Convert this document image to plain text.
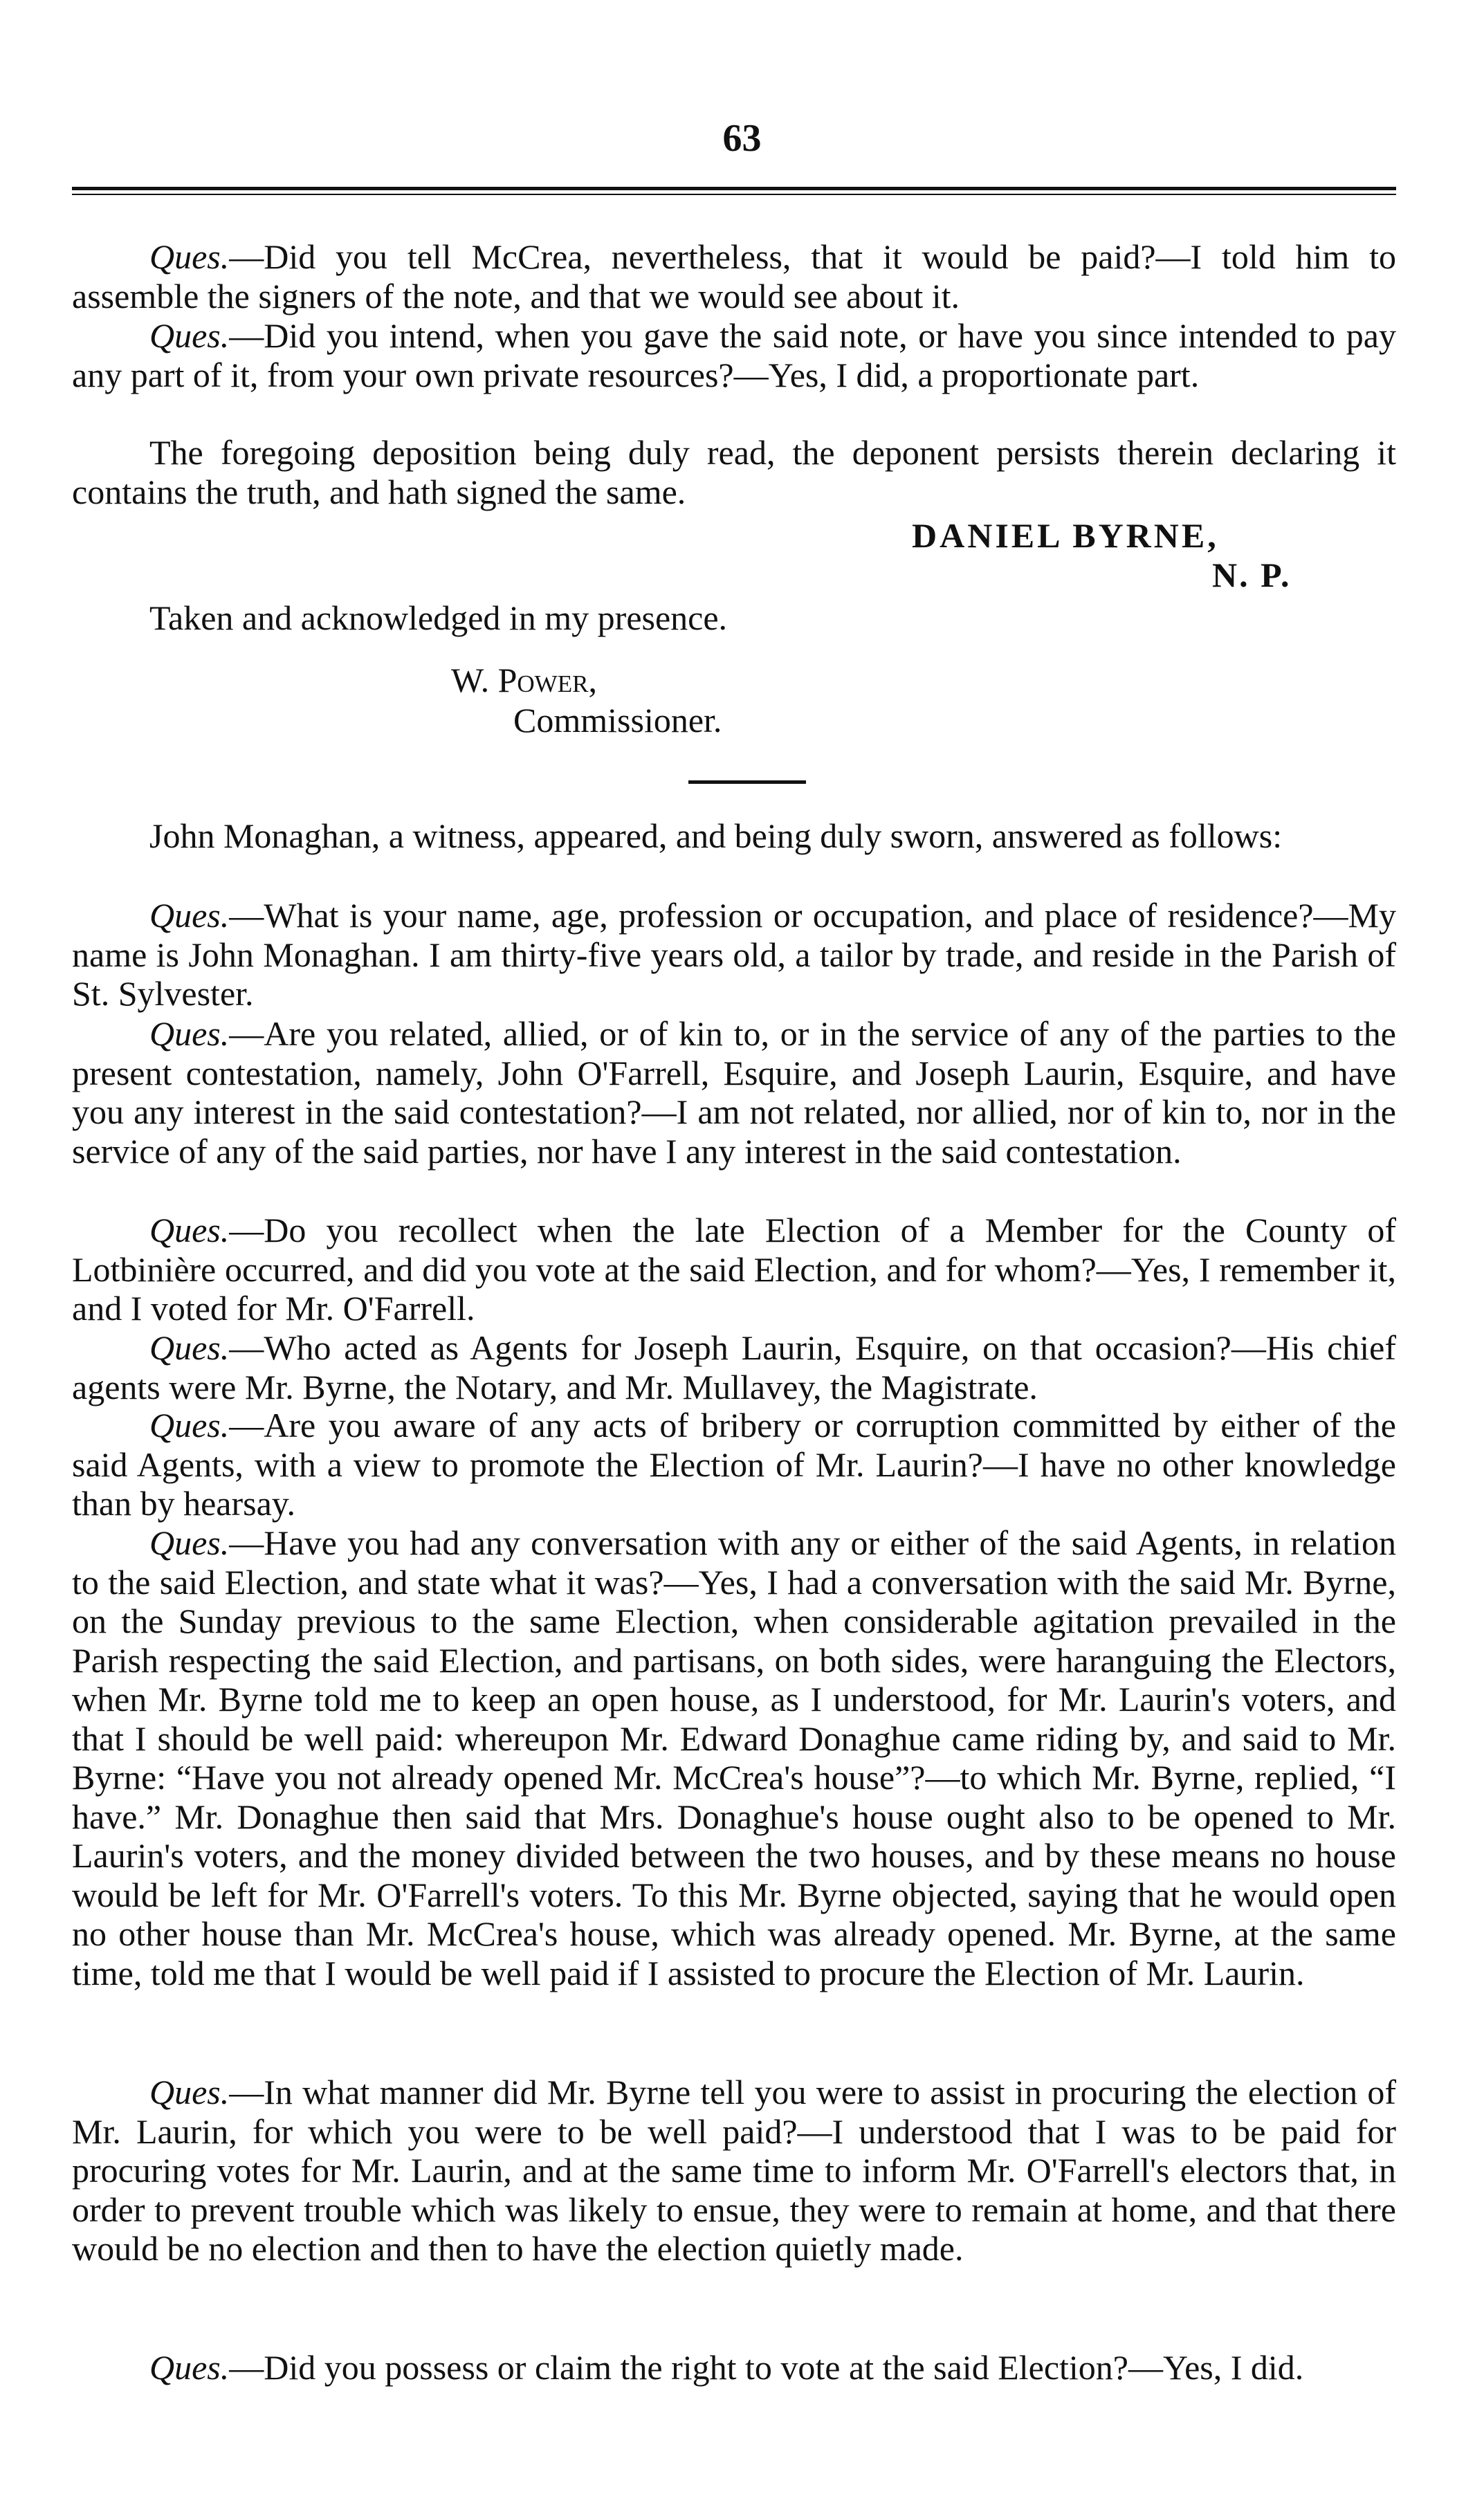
63

Ques.—Did you tell McCrea, nevertheless, that it would be paid?—I told him to assemble the signers of the note, and that we would see about it.

Ques.—Did you intend, when you gave the said note, or have you since intended to pay any part of it, from your own private resources?—Yes, I did, a proportionate part.

The foregoing deposition being duly read, the deponent persists therein declaring it contains the truth, and hath signed the same.

DANIEL BYRNE,
N. P.
Taken and acknowledged in my presence.
W. Power,
Commissioner.

John Monaghan, a witness, appeared, and being duly sworn, answered as follows:

Ques.—What is your name, age, profession or occupation, and place of residence?—My name is John Monaghan. I am thirty-five years old, a tailor by trade, and reside in the Parish of St. Sylvester.

Ques.—Are you related, allied, or of kin to, or in the service of any of the parties to the present contestation, namely, John O'Farrell, Esquire, and Joseph Laurin, Esquire, and have you any interest in the said contestation?—I am not related, nor allied, nor of kin to, nor in the service of any of the said parties, nor have I any interest in the said contestation.

Ques.—Do you recollect when the late Election of a Member for the County of Lotbinière occurred, and did you vote at the said Election, and for whom?—Yes, I remember it, and I voted for Mr. O'Farrell.

Ques.—Who acted as Agents for Joseph Laurin, Esquire, on that occasion?—His chief agents were Mr. Byrne, the Notary, and Mr. Mullavey, the Magistrate.

Ques.—Are you aware of any acts of bribery or corruption committed by either of the said Agents, with a view to promote the Election of Mr. Laurin?—I have no other knowledge than by hearsay.

Ques.—Have you had any conversation with any or either of the said Agents, in relation to the said Election, and state what it was?—Yes, I had a conversation with the said Mr. Byrne, on the Sunday previous to the same Election, when considerable agitation prevailed in the Parish respecting the said Election, and partisans, on both sides, were haranguing the Electors, when Mr. Byrne told me to keep an open house, as I understood, for Mr. Laurin's voters, and that I should be well paid: whereupon Mr. Edward Donaghue came riding by, and said to Mr. Byrne: “Have you not already opened Mr. McCrea's house”?—to which Mr. Byrne, replied, “I have.” Mr. Donaghue then said that Mrs. Donaghue's house ought also to be opened to Mr. Laurin's voters, and the money divided between the two houses, and by these means no house would be left for Mr. O'Farrell's voters. To this Mr. Byrne objected, saying that he would open no other house than Mr. McCrea's house, which was already opened. Mr. Byrne, at the same time, told me that I would be well paid if I assisted to procure the Election of Mr. Laurin.

Ques.—In what manner did Mr. Byrne tell you were to assist in procuring the election of Mr. Laurin, for which you were to be well paid?—I understood that I was to be paid for procuring votes for Mr. Laurin, and at the same time to inform Mr. O'Farrell's electors that, in order to prevent trouble which was likely to ensue, they were to remain at home, and that there would be no election and then to have the election quietly made.

Ques.—Did you possess or claim the right to vote at the said Election?—Yes, I did.
